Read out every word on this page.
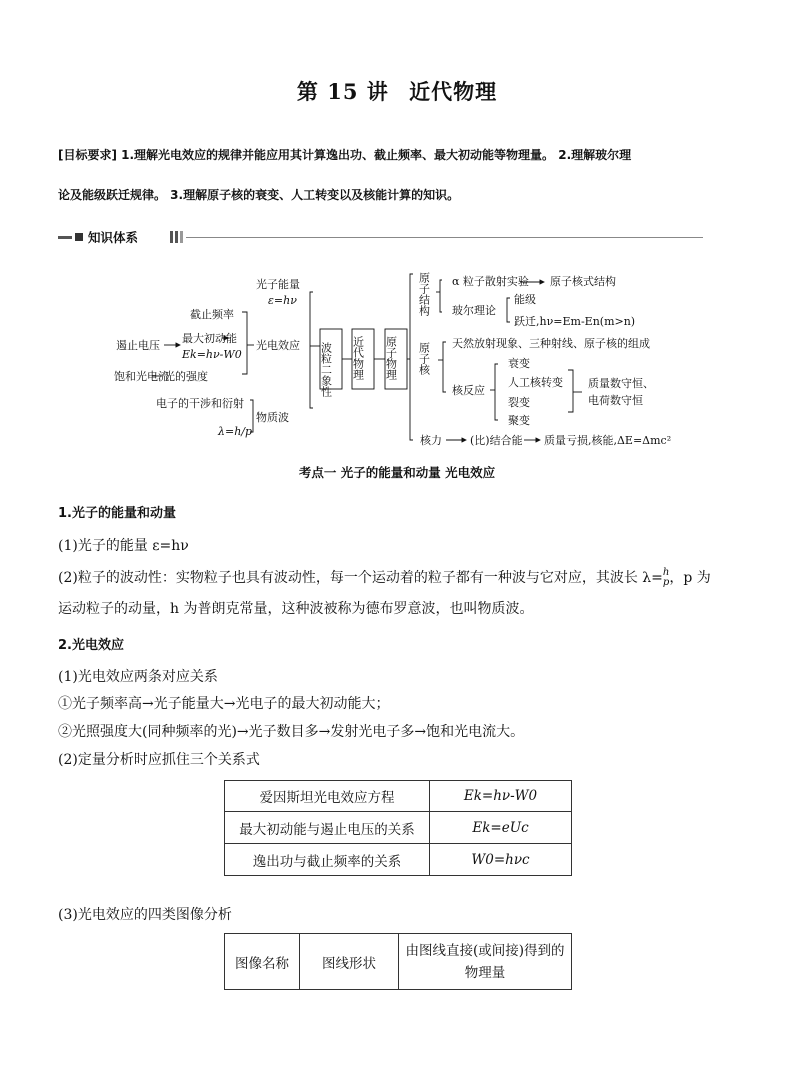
第 15 讲 近代物理
[目标要求] 1.理解光电效应的规律并能应用其计算逸出功、截止频率、最大初动能等物理量。 2.理解玻尔理
论及能级跃迁规律。 3.理解原子核的衰变、人工转变以及核能计算的知识。
知识体系
光子能量
ε=hν
截止频率
最大初动能
Ek=hν-W0
遏止电压	光电效应
饱和光电流
光的强度
电子的干涉和衍射
λ=h/p
物质波
波粒二象性 近代物理 原子物理
原子结构 α 粒子散射实验 原子核式结构
玻尔理论
能级
跃迁,hν=Em-En(m>n)
原子核 天然放射现象、三种射线、原子核的组成
核反应
衰变
人工核转变
裂变
聚变
质量数守恒、
电荷数守恒
核力	(比)结合能 质量亏损,核能,ΔE=Δmc²
考点一 光子的能量和动量 光电效应
1.光子的能量和动量
(1)光子的能量 ε=hν
(2)粒子的波动性：实物粒子也具有波动性，每一个运动着的粒子都有一种波与它对应，其波长 λ=h
p，p 为
运动粒子的动量，h 为普朗克常量，这种波被称为德布罗意波，也叫物质波。
2.光电效应
(1)光电效应两条对应关系
①光子频率高→光子能量大→光电子的最大初动能大；
②光照强度大(同种频率的光)→光子数目多→发射光电子多→饱和光电流大。
(2)定量分析时应抓住三个关系式
爱因斯坦光电效应方程	Ek=hν-W0
最大初动能与遏止电压的关系	Ek=eUc
逸出功与截止频率的关系	W0=hνc
(3)光电效应的四类图像分析
图像名称	图线形状	由图线直接(或间接)得到的物理量
